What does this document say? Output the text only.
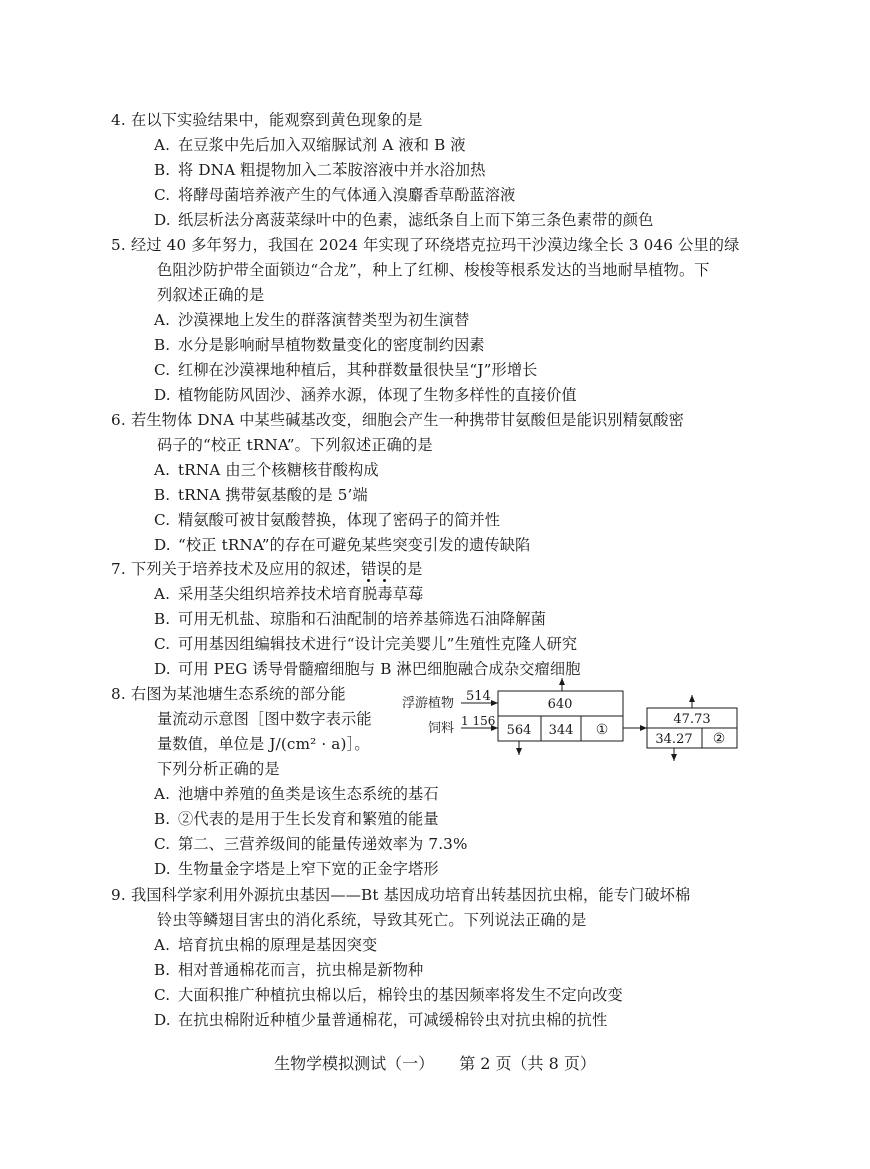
4. 在以下实验结果中，能观察到黄色现象的是
A. 在豆浆中先后加入双缩脲试剂 A 液和 B 液
B. 将 DNA 粗提物加入二苯胺溶液中并水浴加热
C. 将酵母菌培养液产生的气体通入溴麝香草酚蓝溶液
D. 纸层析法分离菠菜绿叶中的色素，滤纸条自上而下第三条色素带的颜色
5. 经过 40 多年努力，我国在 2024 年实现了环绕塔克拉玛干沙漠边缘全长 3 046 公里的绿
色阻沙防护带全面锁边“合龙”，种上了红柳、梭梭等根系发达的当地耐旱植物。下
列叙述正确的是
A. 沙漠裸地上发生的群落演替类型为初生演替
B. 水分是影响耐旱植物数量变化的密度制约因素
C. 红柳在沙漠裸地种植后，其种群数量很快呈“J”形增长
D. 植物能防风固沙、涵养水源，体现了生物多样性的直接价值
6. 若生物体 DNA 中某些碱基改变，细胞会产生一种携带甘氨酸但是能识别精氨酸密
码子的“校正 tRNA”。下列叙述正确的是
A. tRNA 由三个核糖核苷酸构成
B. tRNA 携带氨基酸的是 5’端
C. 精氨酸可被甘氨酸替换，体现了密码子的简并性
D. “校正 tRNA”的存在可避免某些突变引发的遗传缺陷
7. 下列关于培养技术及应用的叙述，错误
的是
A. 采用茎尖组织培养技术培育脱毒草莓
B. 可用无机盐、琼脂和石油配制的培养基筛选石油降解菌
C. 可用基因组编辑技术进行“设计完美婴儿”生殖性克隆人研究
D. 可用 PEG 诱导骨髓瘤细胞与 B 淋巴细胞融合成杂交瘤细胞
8. 右图为某池塘生态系统的部分能
量流动示意图［图中数字表示能
量数值，单位是 J/(cm² · a)］。
下列分析正确的是
A. 池塘中养殖的鱼类是该生态系统的基石
B. ②代表的是用于生长发育和繁殖的能量
C. 第二、三营养级间的能量传递效率为 7.3%
D. 生物量金字塔是上窄下宽的正金字塔形
浮游植物 514
饲料 1 156
640
564 344 ①
47.73
34.27 ②
9. 我国科学家利用外源抗虫基因——Bt 基因成功培育出转基因抗虫棉，能专门破坏棉
铃虫等鳞翅目害虫的消化系统，导致其死亡。下列说法正确的是
A. 培育抗虫棉的原理是基因突变
B. 相对普通棉花而言，抗虫棉是新物种
C. 大面积推广种植抗虫棉以后，棉铃虫的基因频率将发生不定向改变
D. 在抗虫棉附近种植少量普通棉花，可减缓棉铃虫对抗虫棉的抗性
生物学模拟测试（一） 第 2 页（共 8 页）
